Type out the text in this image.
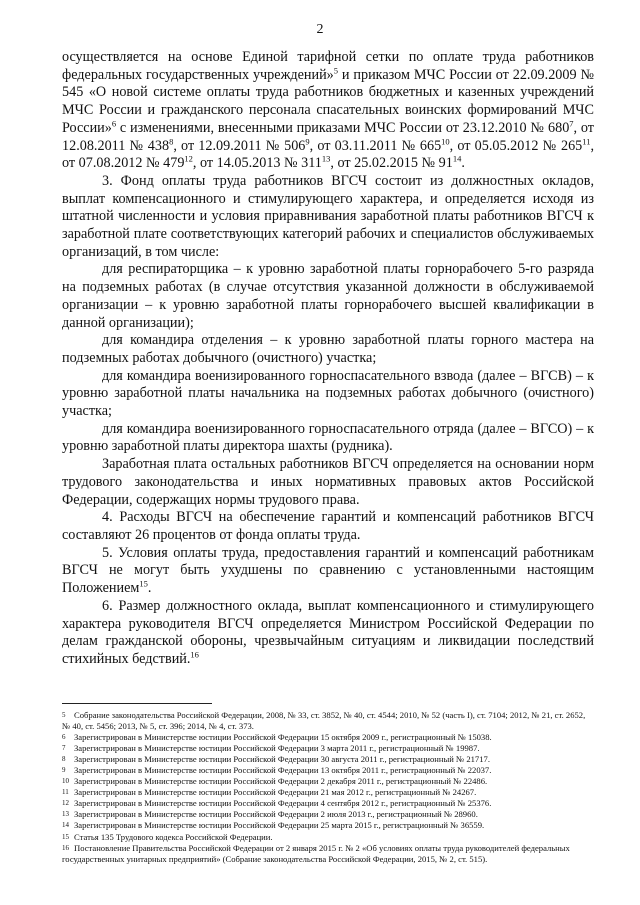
2

осуществляется на основе Единой тарифной сетки по оплате труда работников федеральных государственных учреждений»$^5$ и приказом МЧС России от 22.09.2009 № 545 «О новой системе оплаты труда работников бюджетных и казенных учреждений МЧС России и гражданского персонала спасательных воинских формирований МЧС России»$^6$ с изменениями, внесенными приказами МЧС России от 23.12.2010 № $680^7$, от 12.08.2011 № $438^8$, от 12.09.2011 № $506^9$, от 03.11.2011 № $665^{10}$, от 05.05.2012 № $265^{11}$, от 07.08.2012 № $479^{12}$, от 14.05.2013 № $311^{13}$, от 25.02.2015 № $91^{14}$.

3. Фонд оплаты труда работников ВГСЧ состоит из должностных окладов, выплат компенсационного и стимулирующего характера, и определяется исходя из штатной численности и условия приравнивания заработной платы работников ВГСЧ к заработной плате соответствующих категорий рабочих и специалистов обслуживаемых организаций, в том числе:

для респираторщика – к уровню заработной платы горнорабочего 5-го разряда на подземных работах (в случае отсутствия указанной должности в обслуживаемой организации – к уровню заработной платы горнорабочего высшей квалификации в данной организации);

для командира отделения – к уровню заработной платы горного мастера на подземных работах добычного (очистного) участка;

для командира военизированного горноспасательного взвода (далее – ВГСВ) – к уровню заработной платы начальника на подземных работах добычного (очистного) участка;

для командира военизированного горноспасательного отряда (далее – ВГСО) – к уровню заработной платы директора шахты (рудника).

Заработная плата остальных работников ВГСЧ определяется на основании норм трудового законодательства и иных нормативных правовых актов Российской Федерации, содержащих нормы трудового права.

4. Расходы ВГСЧ на обеспечение гарантий и компенсаций работников ВГСЧ составляют 26 процентов от фонда оплаты труда.

5. Условия оплаты труда, предоставления гарантий и компенсаций работникам ВГСЧ не могут быть ухудшены по сравнению с установленными настоящим Положением$^{15}$.

6. Размер должностного оклада, выплат компенсационного и стимулирующего характера руководителя ВГСЧ определяется Министром Российской Федерации по делам гражданской обороны, чрезвычайным ситуациям и ликвидации последствий стихийных бедствий.$^{16}$

5 Собрание законодательства Российской Федерации, 2008, № 33, ст. 3852, № 40, ст. 4544; 2010, № 52 (часть I), ст. 7104; 2012, № 21, ст. 2652, № 40, ст. 5456; 2013, № 5, ст. 396; 2014, № 4, ст. 373.

6 Зарегистрирован в Министерстве юстиции Российской Федерации 15 октября 2009 г., регистрационный № 15038.

7 Зарегистрирован в Министерстве юстиции Российской Федерации 3 марта 2011 г., регистрационный № 19987.

8 Зарегистрирован в Министерстве юстиции Российской Федерации 30 августа 2011 г., регистрационный № 21717.

9 Зарегистрирован в Министерстве юстиции Российской Федерации 13 октября 2011 г., регистрационный № 22037.

10 Зарегистрирован в Министерстве юстиции Российской Федерации 2 декабря 2011 г., регистрационный № 22486.

11 Зарегистрирован в Министерстве юстиции Российской Федерации 21 мая 2012 г., регистрационный № 24267.

12 Зарегистрирован в Министерстве юстиции Российской Федерации 4 сентября 2012 г., регистрационный № 25376.

13 Зарегистрирован в Министерстве юстиции Российской Федерации 2 июля 2013 г., регистрационный № 28960.

14 Зарегистрирован в Министерстве юстиции Российской Федерации 25 марта 2015 г., регистрационный № 36559.

15 Статья 135 Трудового кодекса Российской Федерации.

16 Постановление Правительства Российской Федерации от 2 января 2015 г. № 2 «Об условиях оплаты труда руководителей федеральных государственных унитарных предприятий» (Собрание законодательства Российской Федерации, 2015, № 2, ст. 515).
